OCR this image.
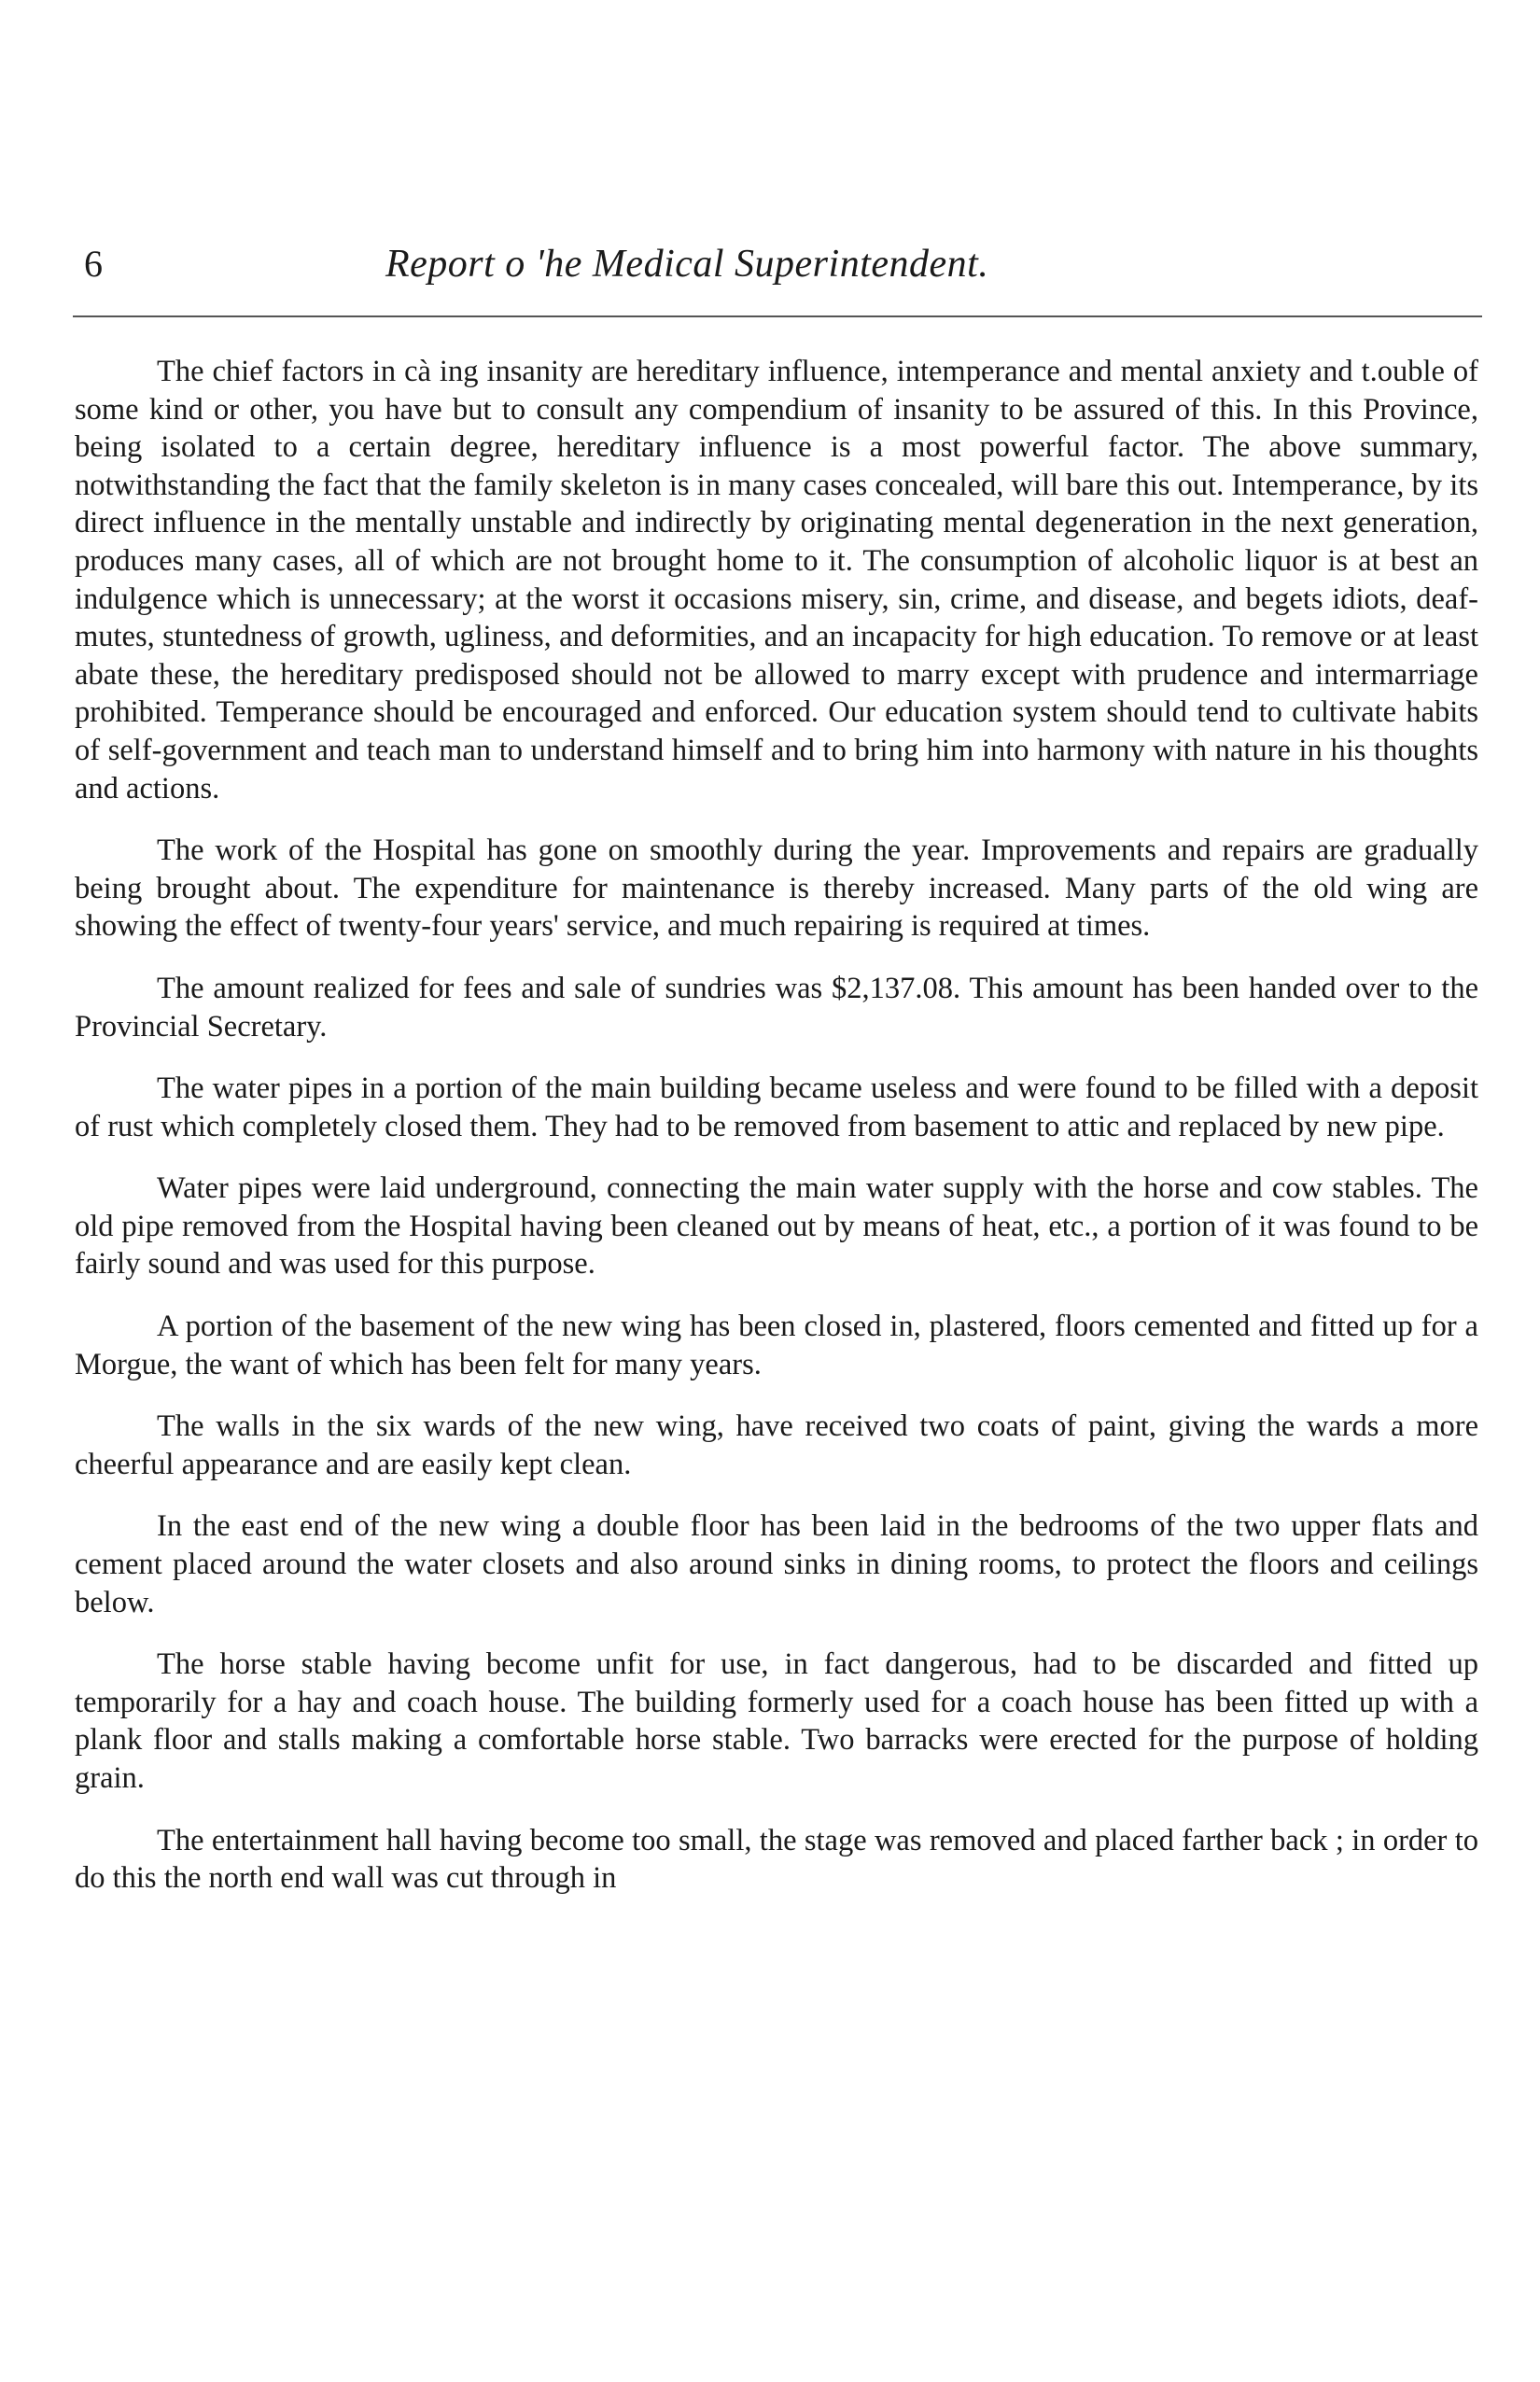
6	Report o 'he Medical Superintendent.

The chief factors in cà ing insanity are hereditary influence, intemperance and mental anxiety and t.ouble of some kind or other, you have but to consult any compendium of insanity to be assured of this. In this Province, being isolated to a certain degree, hereditary influence is a most powerful factor. The above summary, notwithstanding the fact that the family skeleton is in many cases concealed, will bare this out. Intemperance, by its direct influence in the mentally unstable and indirectly by originating mental degeneration in the next generation, produces many cases, all of which are not brought home to it. The consumption of alcoholic liquor is at best an indulgence which is unnecessary; at the worst it occasions misery, sin, crime, and disease, and begets idiots, deaf-mutes, stuntedness of growth, ugliness, and deformities, and an incapacity for high education. To remove or at least abate these, the hereditary predisposed should not be allowed to marry except with prudence and intermarriage prohibited. Temperance should be encouraged and enforced. Our education system should tend to cultivate habits of self-government and teach man to understand himself and to bring him into harmony with nature in his thoughts and actions.

The work of the Hospital has gone on smoothly during the year. Improvements and repairs are gradually being brought about. The expenditure for maintenance is thereby increased. Many parts of the old wing are showing the effect of twenty-four years' service, and much repairing is required at times.

The amount realized for fees and sale of sundries was $2,137.08. This amount has been handed over to the Provincial Secretary.

The water pipes in a portion of the main building became useless and were found to be filled with a deposit of rust which completely closed them. They had to be removed from basement to attic and replaced by new pipe.

Water pipes were laid underground, connecting the main water supply with the horse and cow stables. The old pipe removed from the Hospital having been cleaned out by means of heat, etc., a portion of it was found to be fairly sound and was used for this purpose.

A portion of the basement of the new wing has been closed in, plastered, floors cemented and fitted up for a Morgue, the want of which has been felt for many years.

The walls in the six wards of the new wing, have received two coats of paint, giving the wards a more cheerful appearance and are easily kept clean.

In the east end of the new wing a double floor has been laid in the bedrooms of the two upper flats and cement placed around the water closets and also around sinks in dining rooms, to protect the floors and ceilings below.

The horse stable having become unfit for use, in fact dangerous, had to be discarded and fitted up temporarily for a hay and coach house. The building formerly used for a coach house has been fitted up with a plank floor and stalls making a comfortable horse stable. Two barracks were erected for the purpose of holding grain.

The entertainment hall having become too small, the stage was removed and placed farther back ; in order to do this the north end wall was cut through in
